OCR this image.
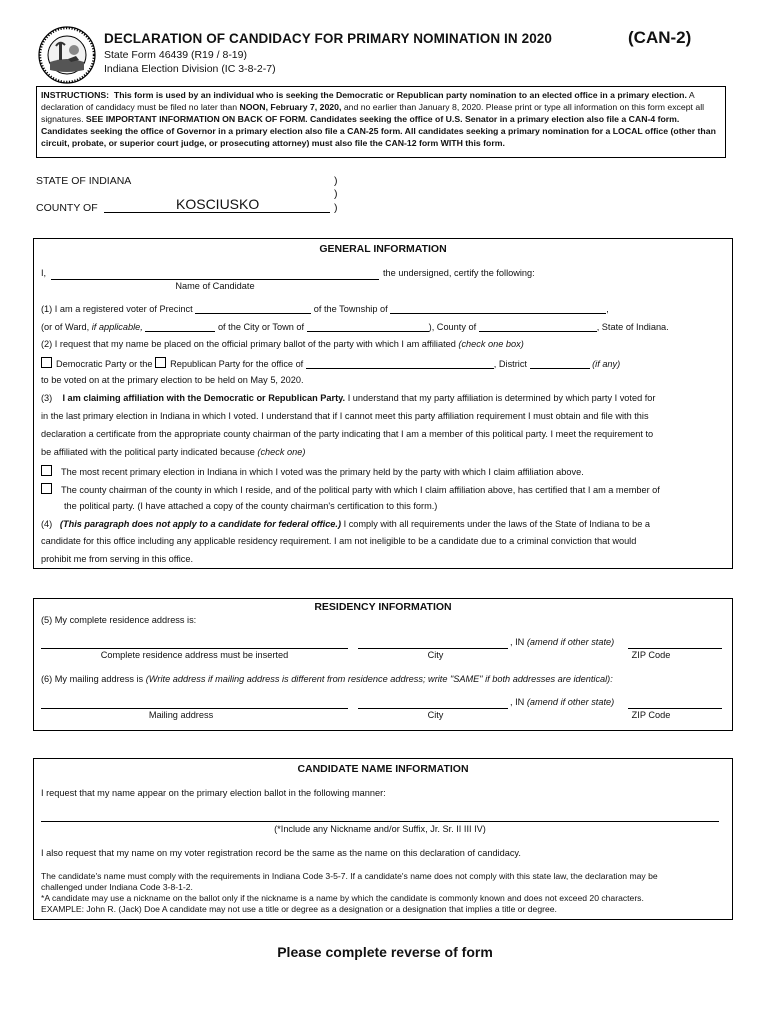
DECLARATION OF CANDIDACY FOR PRIMARY NOMINATION IN 2020	(CAN-2)
State Form 46439 (R19 / 8-19)
Indiana Election Division (IC 3-8-2-7)
INSTRUCTIONS: This form is used by an individual who is seeking the Democratic or Republican party nomination to an elected office in a primary election. A declaration of candidacy must be filed no later than NOON, February 7, 2020, and no earlier than January 8, 2020. Please print or type all information on this form except all signatures. SEE IMPORTANT INFORMATION ON BACK OF FORM. Candidates seeking the office of U.S. Senator in a primary election also file a CAN-4 form. Candidates seeking the office of Governor in a primary election also file a CAN-25 form. All candidates seeking a primary nomination for a LOCAL office (other than circuit, probate, or superior court judge, or prosecuting attorney) must also file the CAN-12 form WITH this form.
STATE OF INDIANA	)
)
COUNTY OF	KOSCIUSKO	)
GENERAL INFORMATION
I,	the undersigned, certify the following:
Name of Candidate
(1) I am a registered voter of Precinct	of the Township of	,
(or of Ward, if applicable,	of the City or Town of	), County of	, State of Indiana.
(2) I request that my name be placed on the official primary ballot of the party with which I am affiliated (check one box)
Democratic Party or the Republican Party for the office of	, District	(if any)
to be voted on at the primary election to be held on May 5, 2020.
(3) I am claiming affiliation with the Democratic or Republican Party. I understand that my party affiliation is determined by which party I voted for
in the last primary election in Indiana in which I voted. I understand that if I cannot meet this party affiliation requirement I must obtain and file with this
declaration a certificate from the appropriate county chairman of the party indicating that I am a member of this political party. I meet the requirement to
be affiliated with the political party indicated because (check one)
The most recent primary election in Indiana in which I voted was the primary held by the party with which I claim affiliation above.
The county chairman of the county in which I reside, and of the political party with which I claim affiliation above, has certified that I am a member of
the political party. (I have attached a copy of the county chairman's certification to this form.)
(4) (This paragraph does not apply to a candidate for federal office.) I comply with all requirements under the laws of the State of Indiana to be a
candidate for this office including any applicable residency requirement. I am not ineligible to be a candidate due to a criminal conviction that would
prohibit me from serving in this office.
RESIDENCY INFORMATION
(5) My complete residence address is:
, IN (amend if other state)
Complete residence address must be inserted	City	ZIP Code
(6) My mailing address is (Write address if mailing address is different from residence address; write "SAME" if both addresses are identical):
, IN (amend if other state)
Mailing address	City	ZIP Code
CANDIDATE NAME INFORMATION
I request that my name appear on the primary election ballot in the following manner:
(*Include any Nickname and/or Suffix, Jr. Sr. II III IV)
I also request that my name on my voter registration record be the same as the name on this declaration of candidacy.
The candidate's name must comply with the requirements in Indiana Code 3-5-7. If a candidate's name does not comply with this state law, the declaration may be
challenged under Indiana Code 3-8-1-2.
*A candidate may use a nickname on the ballot only if the nickname is a name by which the candidate is commonly known and does not exceed 20 characters.
EXAMPLE: John R. (Jack) Doe A candidate may not use a title or degree as a designation or a designation that implies a title or degree.
Please complete reverse of form
